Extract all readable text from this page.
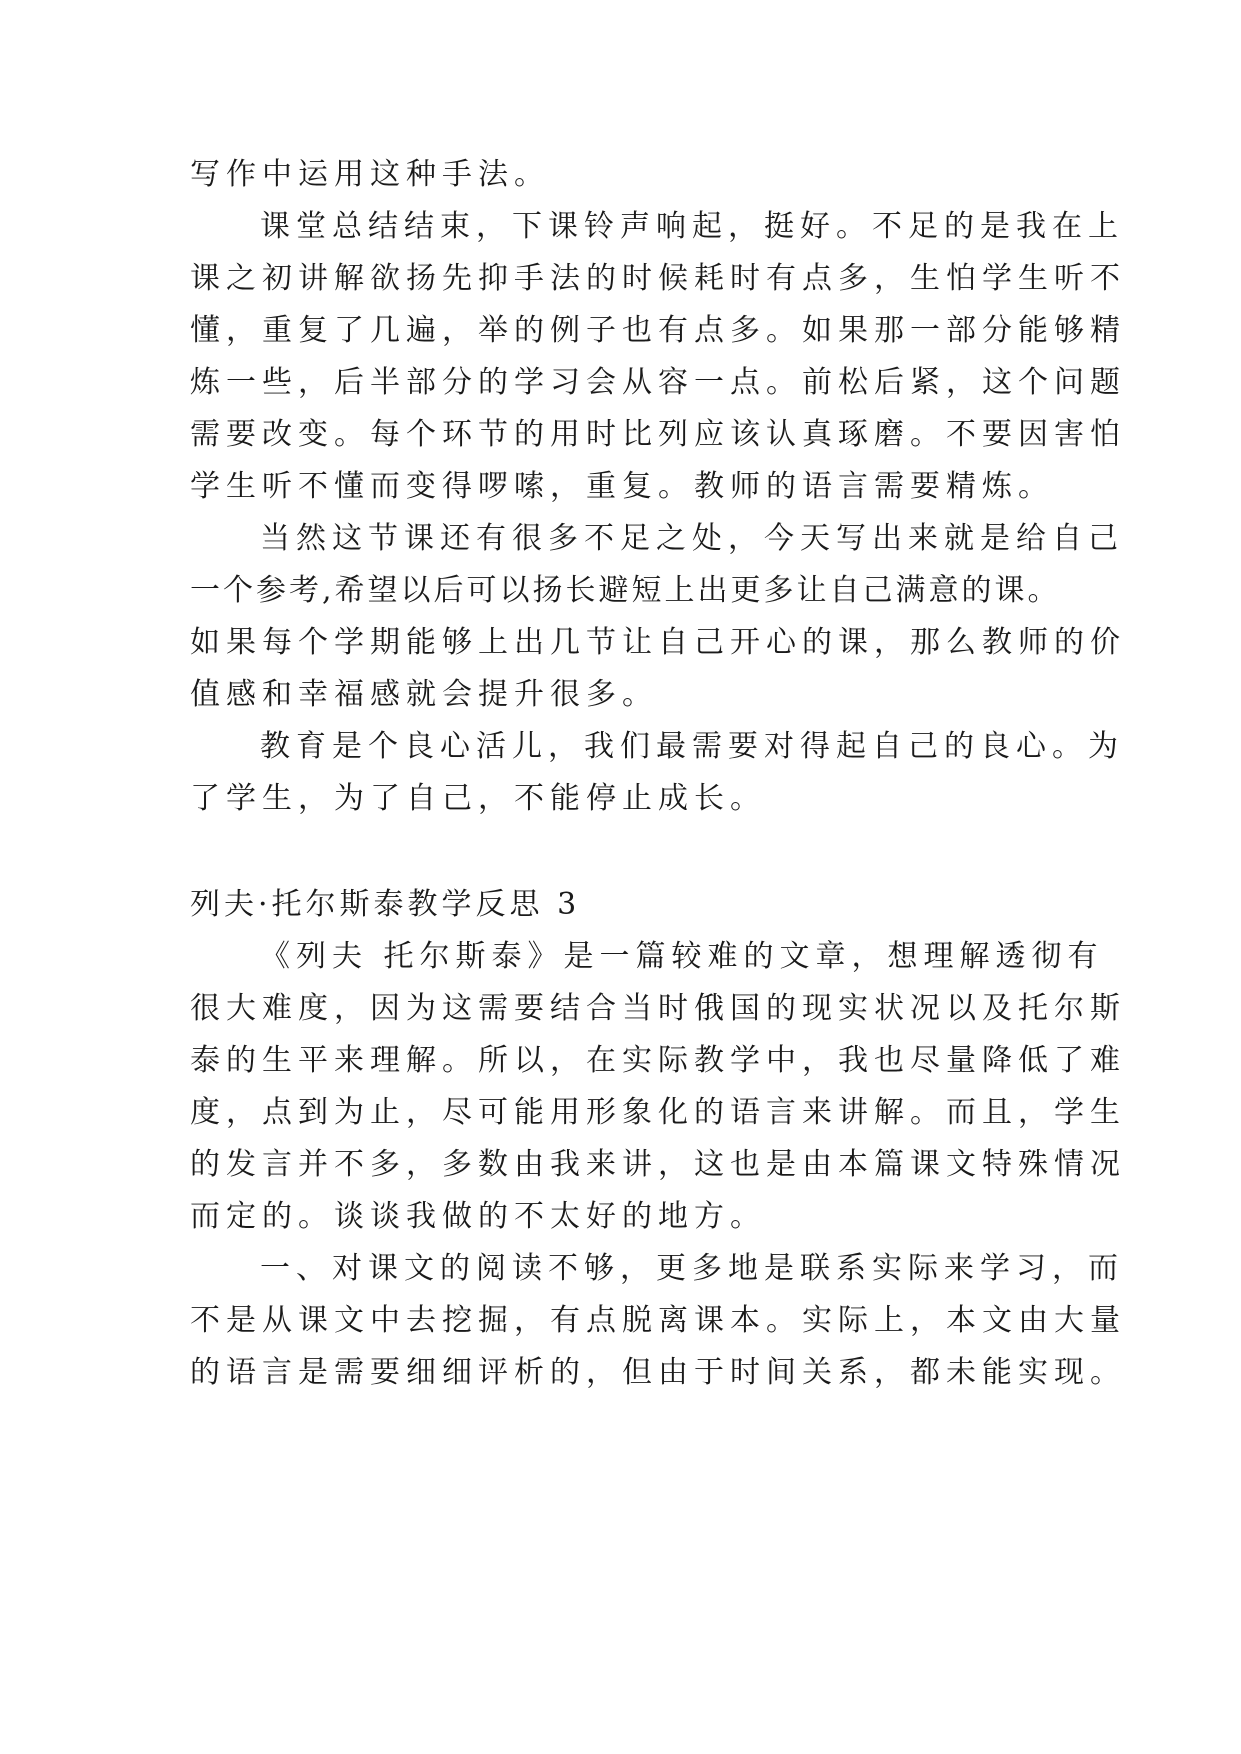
写作中运用这种手法。
课堂总结结束，下课铃声响起，挺好。不足的是我在上
课之初讲解欲扬先抑手法的时候耗时有点多，生怕学生听不
懂，重复了几遍，举的例子也有点多。如果那一部分能够精
炼一些，后半部分的学习会从容一点。前松后紧，这个问题
需要改变。每个环节的用时比列应该认真琢磨。不要因害怕
学生听不懂而变得啰嗦，重复。教师的语言需要精炼。
当然这节课还有很多不足之处，今天写出来就是给自己
一个参考,希望以后可以扬长避短上出更多让自己满意的课。
如果每个学期能够上出几节让自己开心的课，那么教师的价
值感和幸福感就会提升很多。
教育是个良心活儿，我们最需要对得起自己的良心。为
了学生，为了自己，不能停止成长。
列夫·托尔斯泰教学反思 3
《列夫 托尔斯泰》是一篇较难的文章，想理解透彻有
很大难度，因为这需要结合当时俄国的现实状况以及托尔斯
泰的生平来理解。所以，在实际教学中，我也尽量降低了难
度，点到为止，尽可能用形象化的语言来讲解。而且，学生
的发言并不多，多数由我来讲，这也是由本篇课文特殊情况
而定的。谈谈我做的不太好的地方。
一、对课文的阅读不够，更多地是联系实际来学习，而
不是从课文中去挖掘，有点脱离课本。实际上，本文由大量
的语言是需要细细评析的，但由于时间关系，都未能实现。
